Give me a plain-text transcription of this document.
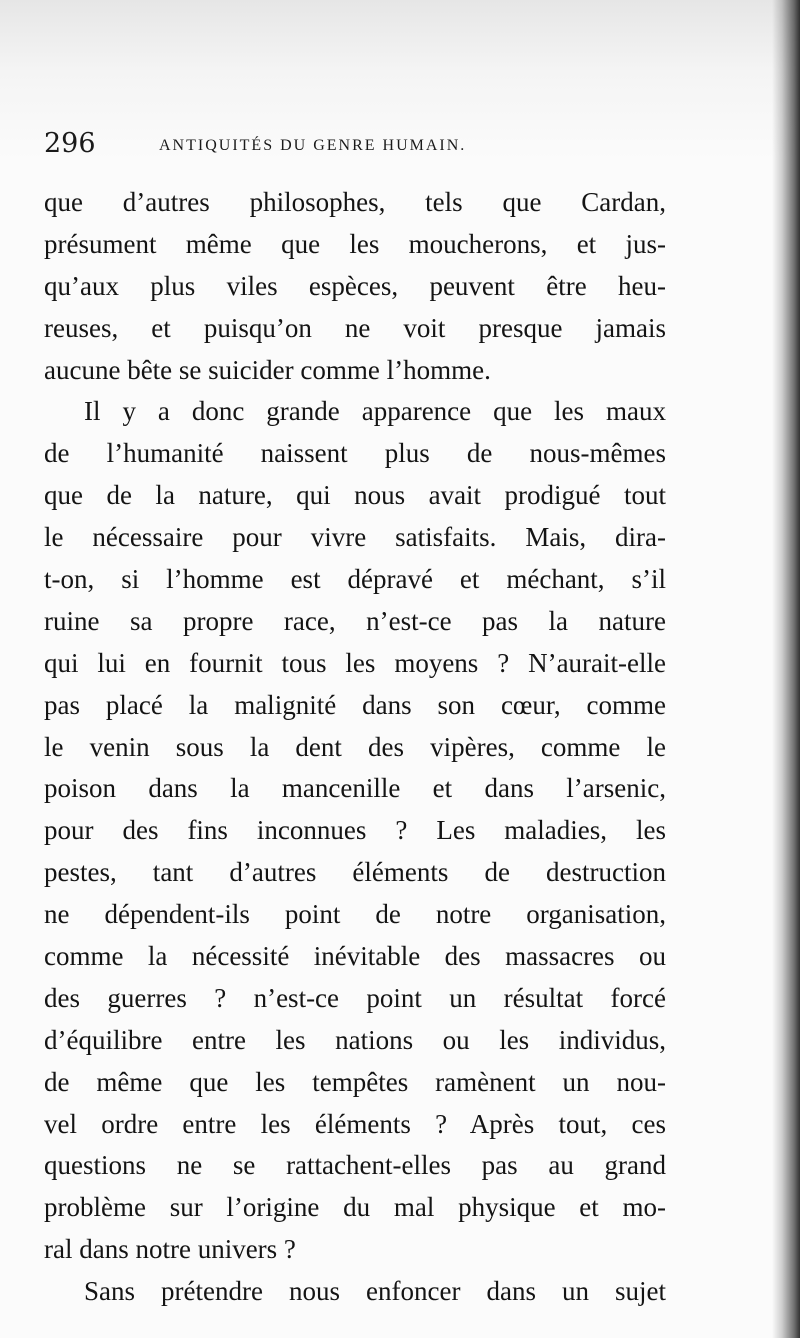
296	ANTIQUITÉS DU GENRE HUMAIN.
que d’autres philosophes, tels que Cardan,
présument même que les moucherons, et jus-
qu’aux plus viles espèces, peuvent être heu-
reuses, et puisqu’on ne voit presque jamais
aucune bête se suicider comme l’homme.
Il y a donc grande apparence que les maux
de l’humanité naissent plus de nous-mêmes
que de la nature, qui nous avait prodigué tout
le nécessaire pour vivre satisfaits. Mais, dira-
t-on, si l’homme est dépravé et méchant, s’il
ruine sa propre race, n’est-ce pas la nature
qui lui en fournit tous les moyens ? N’aurait-elle
pas placé la malignité dans son cœur, comme
le venin sous la dent des vipères, comme le
poison dans la mancenille et dans l’arsenic,
pour des fins inconnues ? Les maladies, les
pestes, tant d’autres éléments de destruction
ne dépendent-ils point de notre organisation,
comme la nécessité inévitable des massacres ou
des guerres ? n’est-ce point un résultat forcé
d’équilibre entre les nations ou les individus,
de même que les tempêtes ramènent un nou-
vel ordre entre les éléments ? Après tout, ces
questions ne se rattachent-elles pas au grand
problème sur l’origine du mal physique et mo-
ral dans notre univers ?
Sans prétendre nous enfoncer dans un sujet
